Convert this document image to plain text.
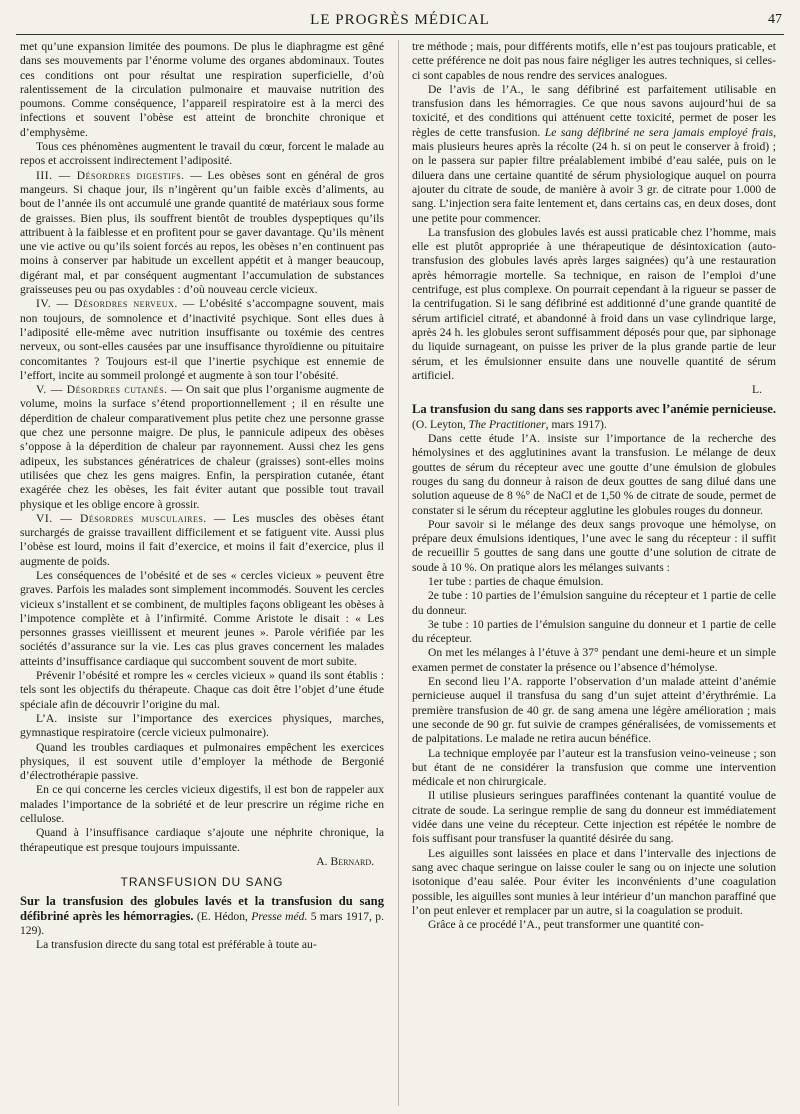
LE PROGRÈS MÉDICAL	47

met qu’une expansion limitée des poumons. De plus le diaphragme est gêné dans ses mouvements par l’énorme volume des organes abdominaux. Toutes ces conditions ont pour résultat une respiration superficielle, d’où ralentissement de la circulation pulmonaire et mauvaise nutrition des poumons. Comme conséquence, l’appareil respiratoire est à la merci des infections et souvent l’obèse est atteint de bronchite chronique et d’emphysème.

Tous ces phénomènes augmentent le travail du cœur, forcent le malade au repos et accroissent indirectement l’adiposité.

III. — Désordres digestifs. — Les obèses sont en général de gros mangeurs. Si chaque jour, ils n’ingèrent qu’un faible excès d’aliments, au bout de l’année ils ont accumulé une grande quantité de matériaux sous forme de graisses. Bien plus, ils souffrent bientôt de troubles dyspeptiques qu’ils attribuent à la faiblesse et en profitent pour se gaver davantage. Qu’ils mènent une vie active ou qu’ils soient forcés au repos, les obèses n’en continuent pas moins à conserver par habitude un excellent appétit et à manger beaucoup, digérant mal, et par conséquent augmentant l’accumulation de substances graisseuses peu ou pas oxydables : d’où nouveau cercle vicieux.

IV. — Désordres nerveux. — L’obésité s’accompagne souvent, mais non toujours, de somnolence et d’inactivité psychique. Sont elles dues à l’adiposité elle-même avec nutrition insuffisante ou toxémie des centres nerveux, ou sont-elles causées par une insuffisance thyroïdienne ou pituitaire concomitantes ? Toujours est-il que l’inertie psychique est ennemie de l’effort, incite au sommeil prolongé et augmente à son tour l’obésité.

V. — Désordres cutanés. — On sait que plus l’organisme augmente de volume, moins la surface s’étend proportionnellement ; il en résulte une déperdition de chaleur comparativement plus petite chez une personne grasse que chez une personne maigre. De plus, le pannicule adipeux des obèses s’oppose à la déperdition de chaleur par rayonnement. Aussi chez les gens adipeux, les substances génératrices de chaleur (graisses) sont-elles moins utilisées que chez les gens maigres. Enfin, la perspiration cutanée, étant exagérée chez les obèses, les fait éviter autant que possible tout travail physique et les oblige encore à grossir.

VI. — Désordres musculaires. — Les muscles des obèses étant surchargés de graisse travaillent difficilement et se fatiguent vite. Aussi plus l’obèse est lourd, moins il fait d’exercice, et moins il fait d’exercice, plus il augmente de poids.

Les conséquences de l’obésité et de ses « cercles vicieux » peuvent être graves. Parfois les malades sont simplement incommodés. Souvent les cercles vicieux s’installent et se combinent, de multiples façons obligeant les obèses à l’impotence complète et à l’infirmité. Comme Aristote le disait : « Les personnes grasses vieillissent et meurent jeunes ». Parole vérifiée par les sociétés d’assurance sur la vie. Les cas plus graves concernent les malades atteints d’insuffisance cardiaque qui succombent souvent de mort subite.

Prévenir l’obésité et rompre les « cercles vicieux » quand ils sont établis : tels sont les objectifs du thérapeute. Chaque cas doit être l’objet d’une étude spéciale afin de découvrir l’origine du mal.

L’A. insiste sur l’importance des exercices physiques, marches, gymnastique respiratoire (cercle vicieux pulmonaire).

Quand les troubles cardiaques et pulmonaires empêchent les exercices physiques, il est souvent utile d’employer la méthode de Bergonié d’électrothérapie passive.

En ce qui concerne les cercles vicieux digestifs, il est bon de rappeler aux malades l’importance de la sobriété et de leur prescrire un régime riche en cellulose.

Quand à l’insuffisance cardiaque s’ajoute une néphrite chronique, la thérapeutique est presque toujours impuissante.

A. Bernard.

TRANSFUSION DU SANG

Sur la transfusion des globules lavés et la transfusion du sang défibriné après les hémorragies. (E. Hédon, Presse méd. 5 mars 1917, p. 129).

La transfusion directe du sang total est préférable à toute au-

tre méthode ; mais, pour différents motifs, elle n’est pas toujours praticable, et cette préférence ne doit pas nous faire négliger les autres techniques, si celles-ci sont capables de nous rendre des services analogues.

De l’avis de l’A., le sang défibriné est parfaitement utilisable en transfusion dans les hémorragies. Ce que nous savons aujourd’hui de sa toxicité, et des conditions qui atténuent cette toxicité, permet de poser les règles de cette transfusion. Le sang défibriné ne sera jamais employé frais, mais plusieurs heures après la récolte (24 h. si on peut le conserver à froid) ; on le passera sur papier filtre préalablement imbibé d’eau salée, puis on le diluera dans une certaine quantité de sérum physiologique auquel on pourra ajouter du citrate de soude, de manière à avoir 3 gr. de citrate pour 1.000 de sang. L’injection sera faite lentement et, dans certains cas, en deux doses, dont une petite pour commencer.

La transfusion des globules lavés est aussi praticable chez l’homme, mais elle est plutôt appropriée à une thérapeutique de désintoxication (auto-transfusion des globules lavés après larges saignées) qu’à une restauration après hémorragie mortelle. Sa technique, en raison de l’emploi d’une centrifuge, est plus complexe. On pourrait cependant à la rigueur se passer de la centrifugation. Si le sang défibriné est additionné d’une grande quantité de sérum artificiel citraté, et abandonné à froid dans un vase cylindrique large, après 24 h. les globules seront suffisamment déposés pour que, par siphonage du liquide surnageant, on puisse les priver de la plus grande partie de leur sérum, et les émulsionner ensuite dans une nouvelle quantité de sérum artificiel.

L.

La transfusion du sang dans ses rapports avec l’anémie pernicieuse. (O. Leyton, The Practitioner, mars 1917).

Dans cette étude l’A. insiste sur l’importance de la recherche des hémolysines et des agglutinines avant la transfusion. Le mélange de deux gouttes de sérum du récepteur avec une goutte d’une émulsion de globules rouges du sang du donneur à raison de deux gouttes de sang dilué dans une solution aqueuse de 8 %° de NaCl et de 1,50 % de citrate de soude, permet de constater si le sérum du récepteur agglutine les globules rouges du donneur.

Pour savoir si le mélange des deux sangs provoque une hémolyse, on prépare deux émulsions identiques, l’une avec le sang du récepteur : il suffit de recueillir 5 gouttes de sang dans une goutte d’une solution de citrate de soude à 10 %. On pratique alors les mélanges suivants :

1er tube : parties de chaque émulsion.

2e tube : 10 parties de l’émulsion sanguine du récepteur et 1 partie de celle du donneur.

3e tube : 10 parties de l’émulsion sanguine du donneur et 1 partie de celle du récepteur.

On met les mélanges à l’étuve à 37° pendant une demi-heure et un simple examen permet de constater la présence ou l’absence d’hémolyse.

En second lieu l’A. rapporte l’observation d’un malade atteint d’anémie pernicieuse auquel il transfusa du sang d’un sujet atteint d’érythrémie. La première transfusion de 40 gr. de sang amena une légère amélioration ; mais une seconde de 90 gr. fut suivie de crampes généralisées, de vomissements et de palpitations. Le malade ne retira aucun bénéfice.

La technique employée par l’auteur est la transfusion veino-veineuse ; son but étant de ne considérer la transfusion que comme une intervention médicale et non chirurgicale.

Il utilise plusieurs seringues paraffinées contenant la quantité voulue de citrate de soude. La seringue remplie de sang du donneur est immédiatement vidée dans une veine du récepteur. Cette injection est répétée le nombre de fois suffisant pour transfuser la quantité désirée du sang.

Les aiguilles sont laissées en place et dans l’intervalle des injections de sang avec chaque seringue on laisse couler le sang ou on injecte une solution isotonique d’eau salée. Pour éviter les inconvénients d’une coagulation possible, les aiguilles sont munies à leur intérieur d’un manchon paraffiné que l’on peut enlever et remplacer par un autre, si la coagulation se produit.

Grâce à ce procédé l’A., peut transformer une quantité con-
